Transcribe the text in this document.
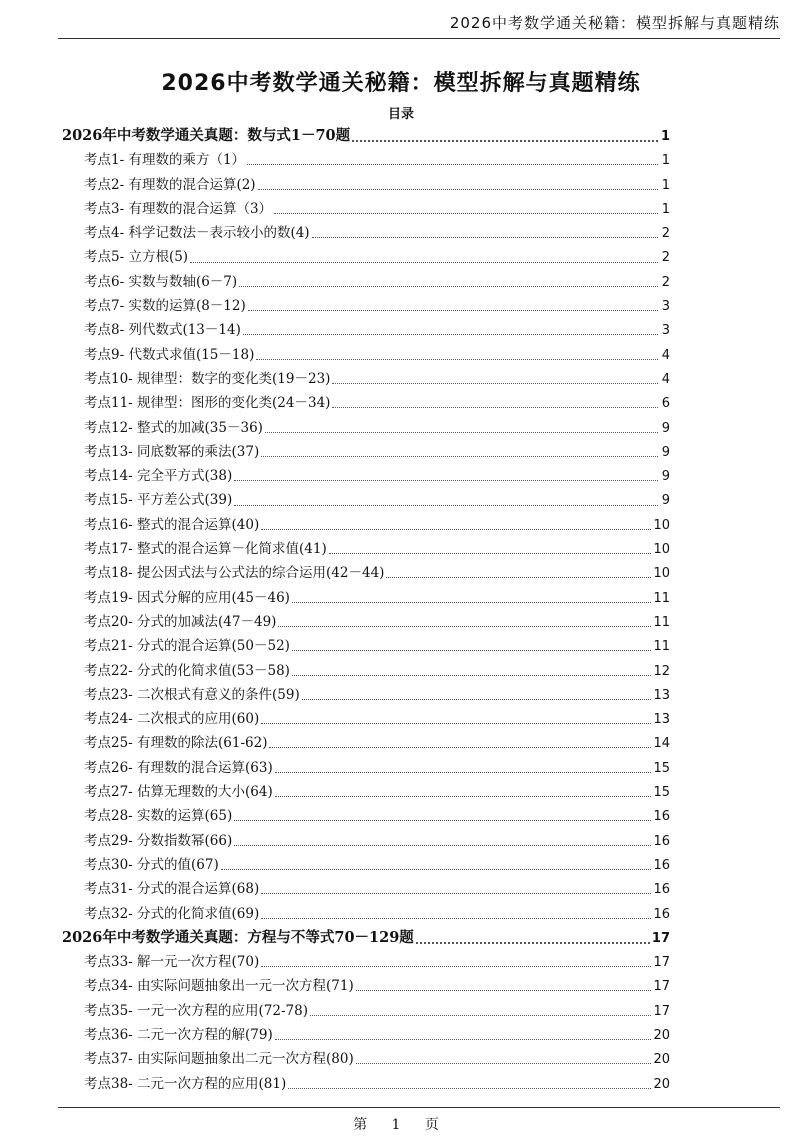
2026中考数学通关秘籍：模型拆解与真题精练
2026中考数学通关秘籍：模型拆解与真题精练
目录
2026年中考数学通关真题：数与式1－70题	1
考点1- 有理数的乘方（1）	1
考点2- 有理数的混合运算(2)	1
考点3- 有理数的混合运算（3）	1
考点4- 科学记数法－表示较小的数(4)	2
考点5- 立方根(5)	2
考点6- 实数与数轴(6－7)	2
考点7- 实数的运算(8－12)	3
考点8- 列代数式(13－14)	3
考点9- 代数式求值(15－18)	4
考点10- 规律型：数字的变化类(19－23)	4
考点11- 规律型：图形的变化类(24－34)	6
考点12- 整式的加减(35－36)	9
考点13- 同底数幂的乘法(37)	9
考点14- 完全平方式(38)	9
考点15- 平方差公式(39)	9
考点16- 整式的混合运算(40)	10
考点17- 整式的混合运算－化简求值(41)	10
考点18- 提公因式法与公式法的综合运用(42－44)	10
考点19- 因式分解的应用(45－46)	11
考点20- 分式的加减法(47－49)	11
考点21- 分式的混合运算(50－52)	11
考点22- 分式的化简求值(53－58)	12
考点23- 二次根式有意义的条件(59)	13
考点24- 二次根式的应用(60)	13
考点25- 有理数的除法(61-62)	14
考点26- 有理数的混合运算(63)	15
考点27- 估算无理数的大小(64)	15
考点28- 实数的运算(65)	16
考点29- 分数指数幂(66)	16
考点30- 分式的值(67)	16
考点31- 分式的混合运算(68)	16
考点32- 分式的化简求值(69)	16
2026年中考数学通关真题：方程与不等式70－129题	17
考点33- 解一元一次方程(70)	17
考点34- 由实际问题抽象出一元一次方程(71)	17
考点35- 一元一次方程的应用(72-78)	17
考点36- 二元一次方程的解(79)	20
考点37- 由实际问题抽象出二元一次方程(80)	20
考点38- 二元一次方程的应用(81)	20
第 1 页
